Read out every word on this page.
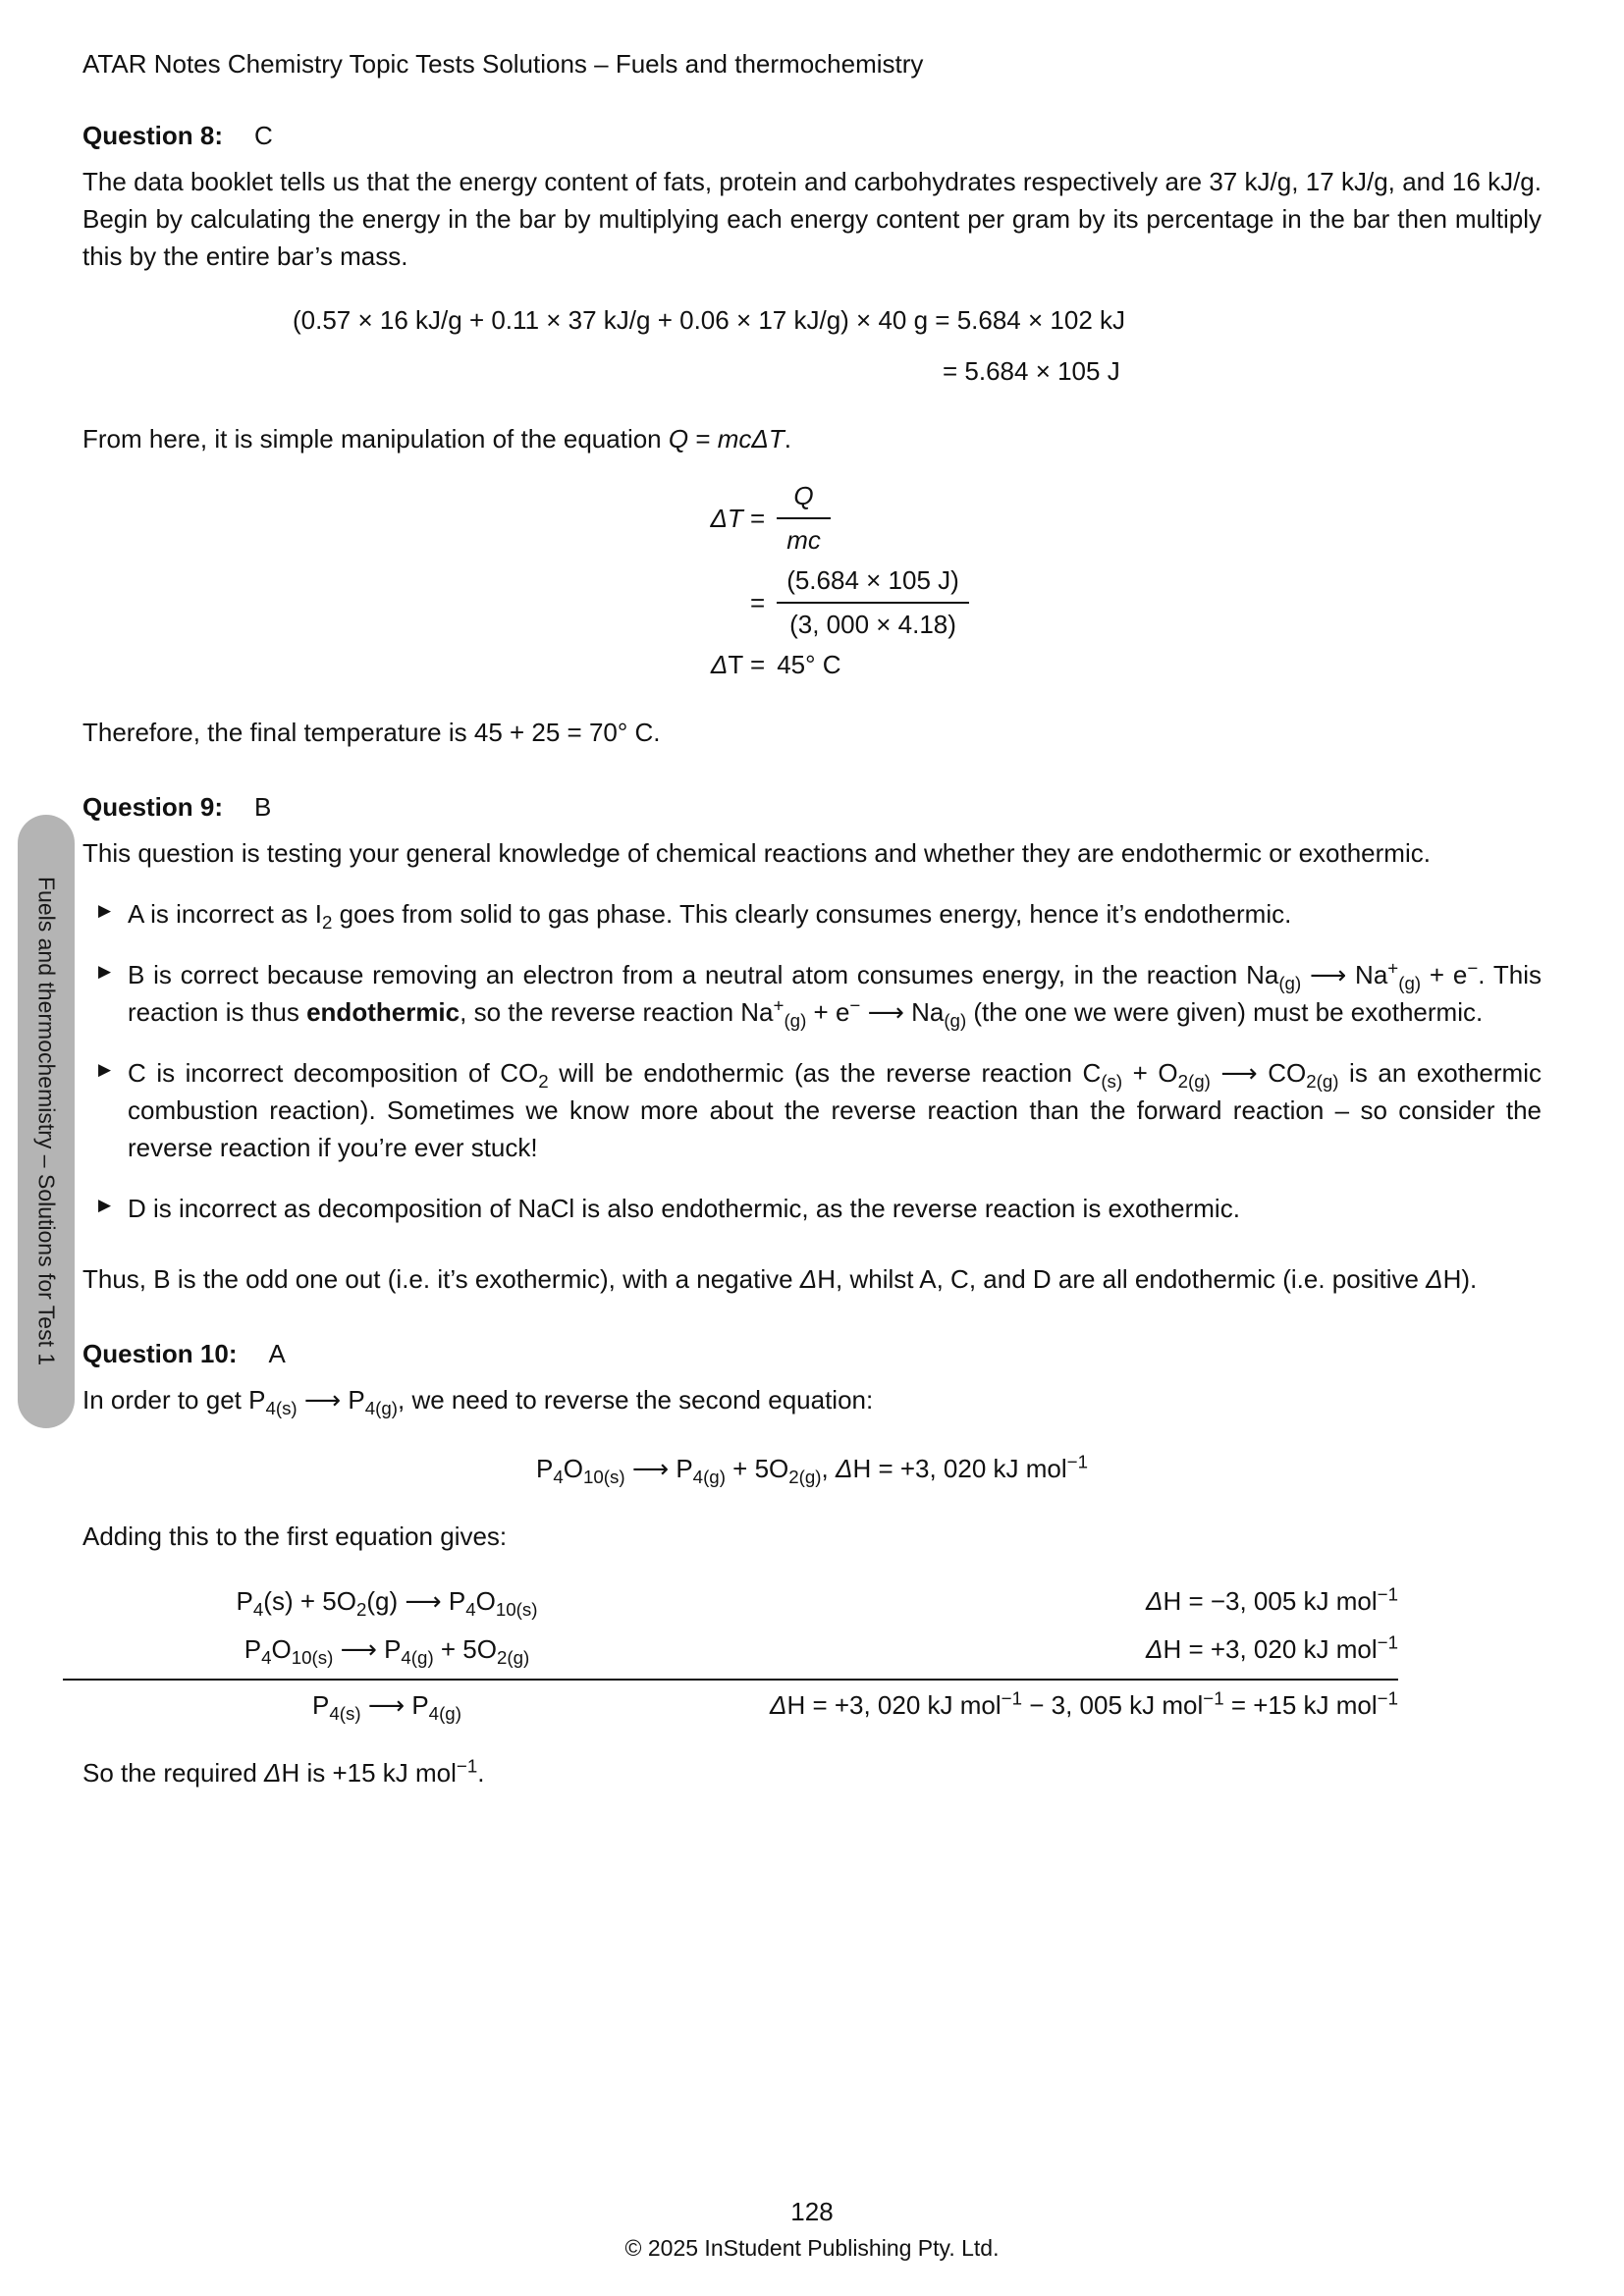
Fuels and thermochemistry – Solutions for Test 1
ATAR Notes Chemistry Topic Tests Solutions – Fuels and thermochemistry
Question 8: C

The data booklet tells us that the energy content of fats, protein and carbohydrates respectively are 37 kJ/g, 17 kJ/g, and 16 kJ/g. Begin by calculating the energy in the bar by multiplying each energy content per gram by its percentage in the bar then multiply this by the entire bar’s mass.

(0.57 × 16 kJ/g + 0.11 × 37 kJ/g + 0.06 × 17 kJ/g) × 40 g = 5.684 × 102 kJ
= 5.684 × 105 J

From here, it is simple manipulation of the equation Q = mcΔT.

$\Delta T = \frac{Q}{mc}$
= $\frac{(5.684 \times 105 J)}{(3, 000 \times 4.18)}$
ΔT = 45° C

Therefore, the final temperature is 45 + 25 = 70° C.

Question 9: B

This question is testing your general knowledge of chemical reactions and whether they are endothermic or exothermic.

▶ A is incorrect as $I_2$ goes from solid to gas phase. This clearly consumes energy, hence it’s endothermic.
▶ B is correct because removing an electron from a neutral atom consumes energy, in the reaction $Na_{(g)}$ ⟶ $Na^+_{(g)} + e^-$. This reaction is thus endothermic, so the reverse reaction $Na^+_{(g)} + e^-$ ⟶ $Na_{(g)}$ (the one we were given) must be exothermic.
▶ C is incorrect decomposition of $CO_2$ will be endothermic (as the reverse reaction $C_{(s)} + O_{2(g)}$ ⟶ $CO_{2(g)}$ is an exothermic combustion reaction). Sometimes we know more about the reverse reaction than the forward reaction – so consider the reverse reaction if you’re ever stuck!
▶ D is incorrect as decomposition of NaCl is also endothermic, as the reverse reaction is exothermic.

Thus, B is the odd one out (i.e. it’s exothermic), with a negative ΔH, whilst A, C, and D are all endothermic (i.e. positive ΔH).

Question 10: A

In order to get $P_{4(s)}$ ⟶ $P_{4(g)}$, we need to reverse the second equation:

$P_4O_{10(s)}$ ⟶ $P_{4(g)} + 5O_{2(g)}$, ΔH = +3, 020 kJ mol$^{-1}$

Adding this to the first equation gives:

$P_4(s) + 5O_2(g)$ ⟶ $P_4O_{10(s)}$	ΔH = −3, 005 kJ mol$^{-1}$
$P_4O_{10(s)}$ ⟶ $P_{4(g)} + 5O_{2(g)}$	ΔH = +3, 020 kJ mol$^{-1}$
$P_{4(s)}$ ⟶ $P_{4(g)}$	ΔH = +3, 020 kJ mol$^{-1}$ − 3, 005 kJ mol$^{-1}$ = +15 kJ mol$^{-1}$

So the required ΔH is +15 kJ mol$^{-1}$.

128
© 2025 InStudent Publishing Pty. Ltd.
